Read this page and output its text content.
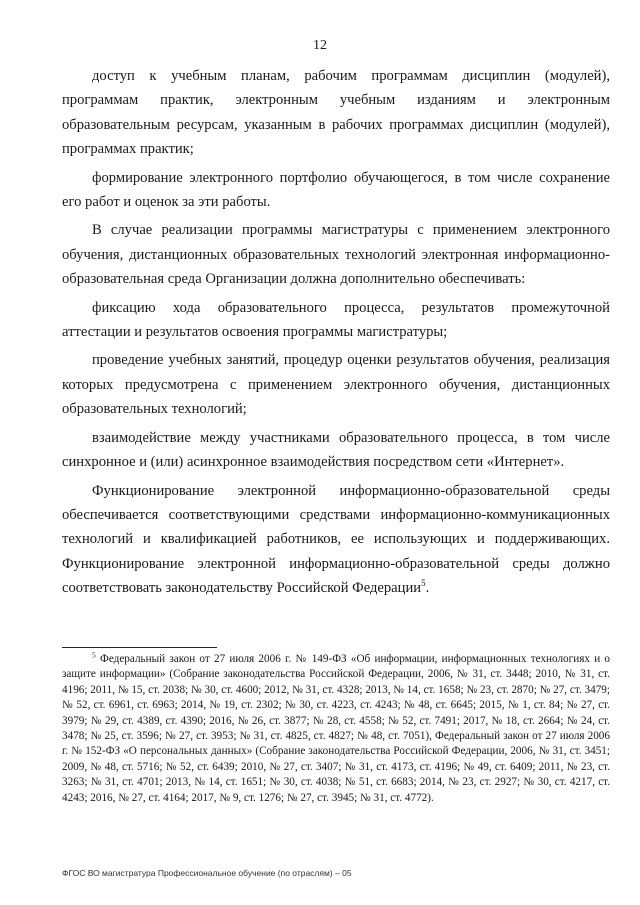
12

доступ к учебным планам, рабочим программам дисциплин (модулей), программам практик, электронным учебным изданиям и электронным образовательным ресурсам, указанным в рабочих программах дисциплин (модулей), программах практик;

формирование электронного портфолио обучающегося, в том числе сохранение его работ и оценок за эти работы.

В случае реализации программы магистратуры с применением электронного обучения, дистанционных образовательных технологий электронная информационно-образовательная среда Организации должна дополнительно обеспечивать:

фиксацию хода образовательного процесса, результатов промежуточной аттестации и результатов освоения программы магистратуры;

проведение учебных занятий, процедур оценки результатов обучения, реализация которых предусмотрена с применением электронного обучения, дистанционных образовательных технологий;

взаимодействие между участниками образовательного процесса, в том числе синхронное и (или) асинхронное взаимодействия посредством сети «Интернет».

Функционирование электронной информационно-образовательной среды обеспечивается соответствующими средствами информационно-коммуникационных технологий и квалификацией работников, ее использующих и поддерживающих. Функционирование электронной информационно-образовательной среды должно соответствовать законодательству Российской Федерации$^5$.

$^5$ Федеральный закон от 27 июля 2006 г. № 149-ФЗ «Об информации, информационных технологиях и о защите информации» (Собрание законодательства Российской Федерации, 2006, № 31, ст. 3448; 2010, № 31, ст. 4196; 2011, № 15, ст. 2038; № 30, ст. 4600; 2012, № 31, ст. 4328; 2013, № 14, ст. 1658; № 23, ст. 2870; № 27, ст. 3479; № 52, ст. 6961, ст. 6963; 2014, № 19, ст. 2302; № 30, ст. 4223, ст. 4243; № 48, ст. 6645; 2015, № 1, ст. 84; № 27, ст. 3979; № 29, ст. 4389, ст. 4390; 2016, № 26, ст. 3877; № 28, ст. 4558; № 52, ст. 7491; 2017, № 18, ст. 2664; № 24, ст. 3478; № 25, ст. 3596; № 27, ст. 3953; № 31, ст. 4825, ст. 4827; № 48, ст. 7051), Федеральный закон от 27 июля 2006 г. № 152-ФЗ «О персональных данных» (Собрание законодательства Российской Федерации, 2006, № 31, ст. 3451; 2009, № 48, ст. 5716; № 52, ст. 6439; 2010, № 27, ст. 3407; № 31, ст. 4173, ст. 4196; № 49, ст. 6409; 2011, № 23, ст. 3263; № 31, ст. 4701; 2013, № 14, ст. 1651; № 30, ст. 4038; № 51, ст. 6683; 2014, № 23, ст. 2927; № 30, ст. 4217, ст. 4243; 2016, № 27, ст. 4164; 2017, № 9, ст. 1276; № 27, ст. 3945; № 31, ст. 4772).
ФГОС ВО магистратура Профессиональное обучение (по отраслям) – 05
